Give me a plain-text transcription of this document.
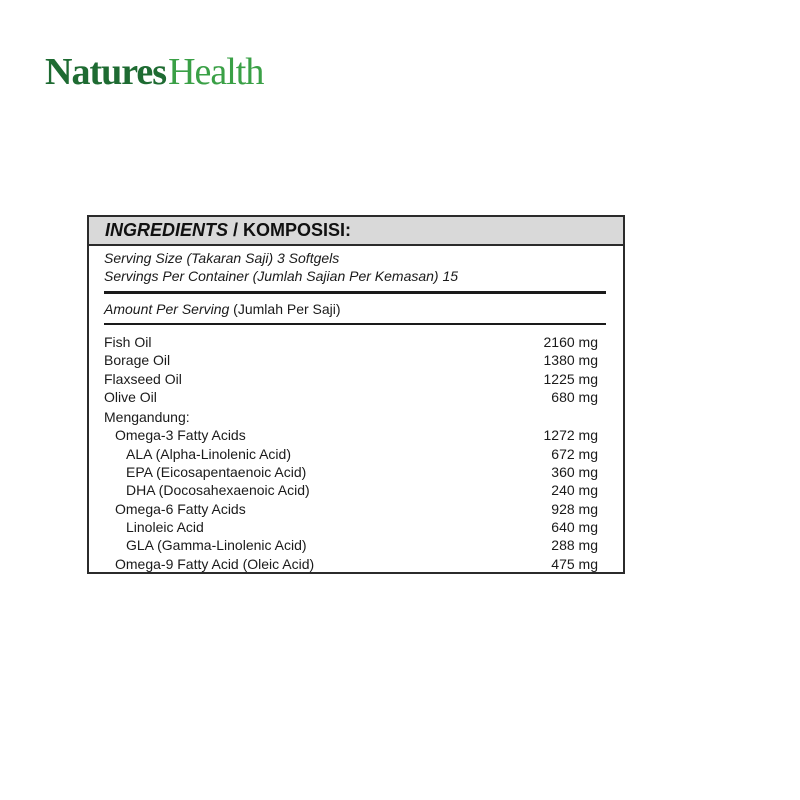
NaturesHealth
INGREDIENTS / KOMPOSISI:
Serving Size (Takaran Saji) 3 Softgels
Servings Per Container (Jumlah Sajian Per Kemasan) 15
Amount Per Serving (Jumlah Per Saji)
Fish Oil	2160 mg
Borage Oil	1380 mg
Flaxseed Oil	1225 mg
Olive Oil	680 mg
Mengandung:
Omega-3 Fatty Acids	1272 mg
ALA (Alpha-Linolenic Acid)	672 mg
EPA (Eicosapentaenoic Acid)	360 mg
DHA (Docosahexaenoic Acid)	240 mg
Omega-6 Fatty Acids	928 mg
Linoleic Acid	640 mg
GLA (Gamma-Linolenic Acid)	288 mg
Omega-9 Fatty Acid (Oleic Acid)	475 mg
